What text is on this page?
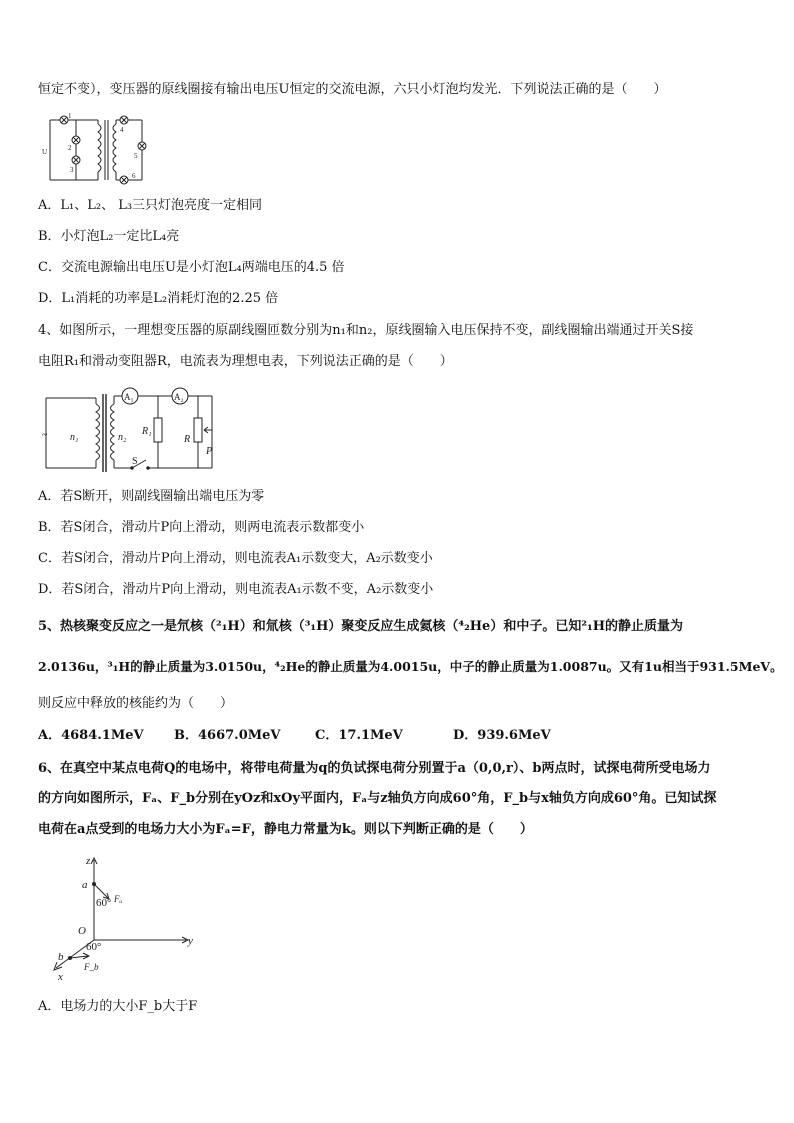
恒定不变），变压器的原线圈接有输出电压U恒定的交流电源，六只小灯泡均发光．下列说法正确的是（　　）
U
1
2
3
4
5
6
A．L₁、L₂、 L₃三只灯泡亮度一定相同
B．小灯泡L₂一定比L₄亮
C．交流电源输出电压U是小灯泡L₄两端电压的4.5 倍
D．L₁消耗的功率是L₂消耗灯泡的2.25 倍
4、如图所示，一理想变压器的原副线圈匝数分别为n₁和n₂，原线圈输入电压保持不变，副线圈输出端通过开关S接
电阻R₁和滑动变阻器R，电流表为理想电表，下列说法正确的是（　　）
~ n₁	n₂
A₁	A₂
R₁
R
P
S
A．若S断开，则副线圈输出端电压为零
B．若S闭合，滑动片P向上滑动，则两电流表示数都变小
C．若S闭合，滑动片P向上滑动，则电流表A₁示数变大，A₂示数变小
D．若S闭合，滑动片P向上滑动，则电流表A₁示数不变，A₂示数变小
5、热核聚变反应之一是氘核（²₁H）和氚核（³₁H）聚变反应生成氦核（⁴₂He）和中子。已知²₁H的静止质量为
2.0136u，³₁H的静止质量为3.0150u，⁴₂He的静止质量为4.0015u，中子的静止质量为1.0087u。又有1u相当于931.5MeV。
则反应中释放的核能约为（　　）
A．4684.1MeV B．4667.0MeV	C．17.1MeV	D．939.6MeV
6、在真空中某点电荷Q的电场中，将带电荷量为q的负试探电荷分别置于a（0,0,r）、b两点时，试探电荷所受电场力
的方向如图所示，Fₐ、F_b分别在yOz和xOy平面内，Fₐ与z轴负方向成60°角，F_b与x轴负方向成60°角。已知试探
电荷在a点受到的电场力大小为Fₐ=F，静电力常量为k。则以下判断正确的是（　　）
z
a
60° Fₐ
O
y
b
60°
F_b
x
A．电场力的大小F_b大于F
